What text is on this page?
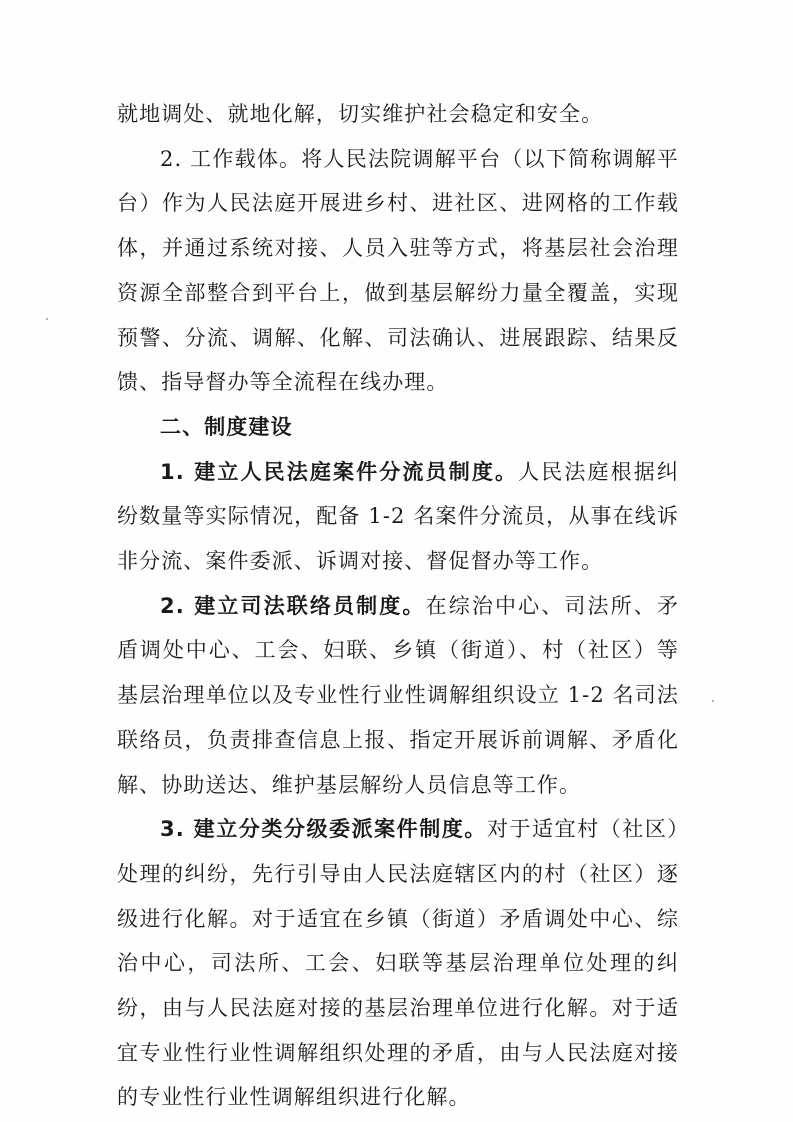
就地调处、就地化解，切实维护社会稳定和安全。

2. 工作载体。将人民法院调解平台（以下简称调解平台）作为人民法庭开展进乡村、进社区、进网格的工作载体，并通过系统对接、人员入驻等方式，将基层社会治理资源全部整合到平台上，做到基层解纷力量全覆盖，实现预警、分流、调解、化解、司法确认、进展跟踪、结果反馈、指导督办等全流程在线办理。

二、制度建设

1. 建立人民法庭案件分流员制度。人民法庭根据纠纷数量等实际情况，配备 1-2 名案件分流员，从事在线诉非分流、案件委派、诉调对接、督促督办等工作。

2. 建立司法联络员制度。在综治中心、司法所、矛盾调处中心、工会、妇联、乡镇（街道）、村（社区）等基层治理单位以及专业性行业性调解组织设立 1-2 名司法联络员，负责排查信息上报、指定开展诉前调解、矛盾化解、协助送达、维护基层解纷人员信息等工作。

3. 建立分类分级委派案件制度。对于适宜村（社区）处理的纠纷，先行引导由人民法庭辖区内的村（社区）逐级进行化解。对于适宜在乡镇（街道）矛盾调处中心、综治中心，司法所、工会、妇联等基层治理单位处理的纠纷，由与人民法庭对接的基层治理单位进行化解。对于适宜专业性行业性调解组织处理的矛盾，由与人民法庭对接的专业性行业性调解组织进行化解。
